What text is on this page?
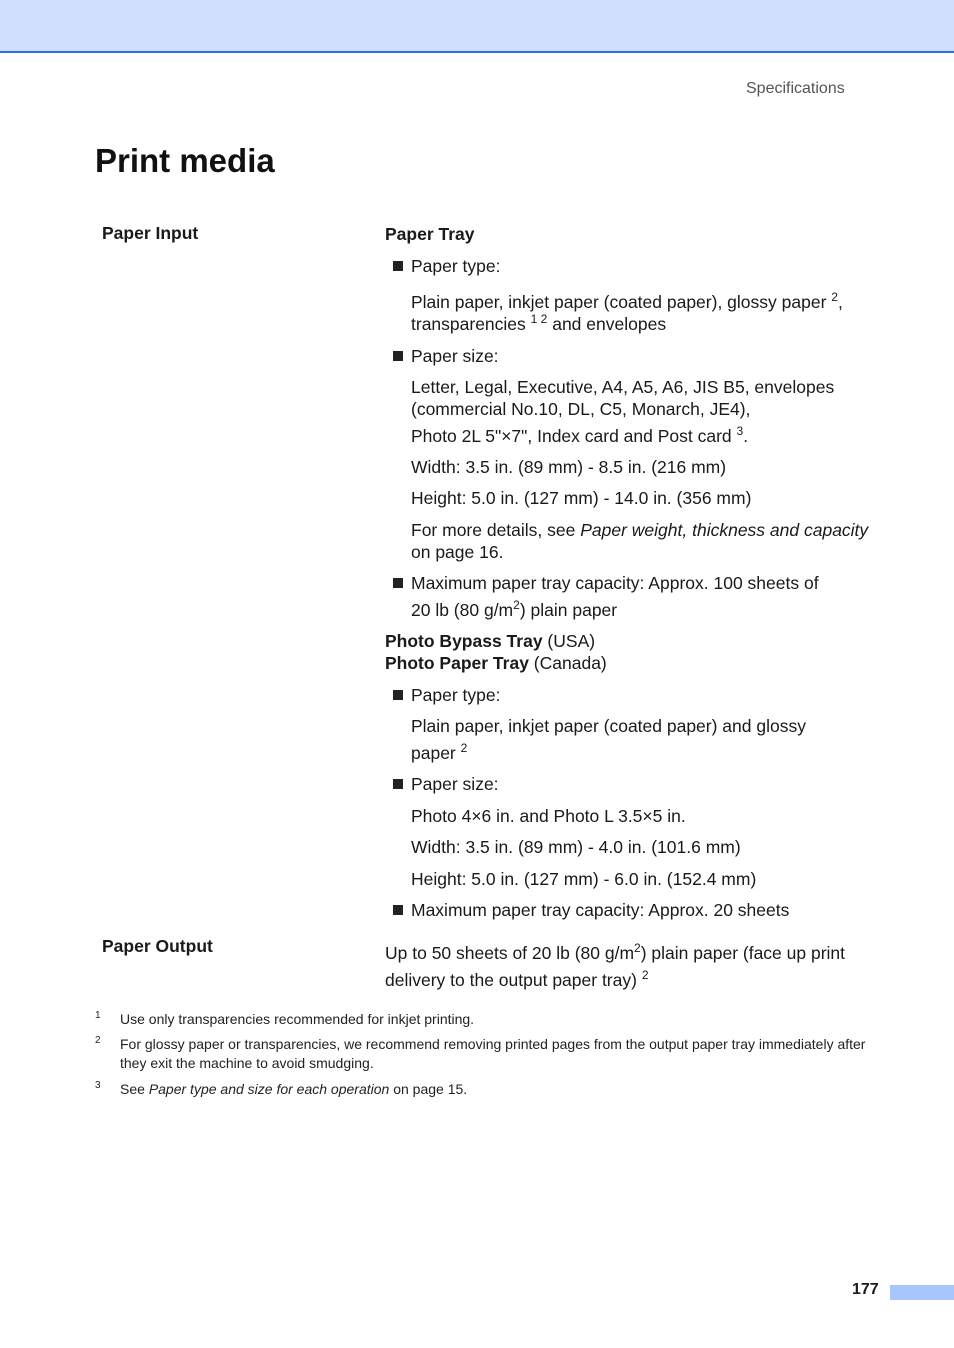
Specifications
Print media
Paper Input	Paper Tray
Paper type:
Plain paper, inkjet paper (coated paper), glossy paper $^2$,
transparencies $^{1 2}$ and envelopes
Paper size:
Letter, Legal, Executive, A4, A5, A6, JIS B5, envelopes
(commercial No.10, DL, C5, Monarch, JE4),
Photo 2L 5"×7", Index card and Post card $^3$.
Width: 3.5 in. (89 mm) - 8.5 in. (216 mm)
Height: 5.0 in. (127 mm) - 14.0 in. (356 mm)
For more details, see Paper weight, thickness and capacity on page 16.
Maximum paper tray capacity: Approx. 100 sheets of
20 lb (80 $g/m^2$) plain paper
Photo Bypass Tray (USA)
Photo Paper Tray (Canada)
Paper type:
Plain paper, inkjet paper (coated paper) and glossy
paper $^2$
Paper size:
Photo 4×6 in. and Photo L 3.5×5 in.
Width: 3.5 in. (89 mm) - 4.0 in. (101.6 mm)
Height: 5.0 in. (127 mm) - 6.0 in. (152.4 mm)
Maximum paper tray capacity: Approx. 20 sheets
Paper Output	Up to 50 sheets of 20 lb (80 $g/m^2$) plain paper (face up print
delivery to the output paper tray) $^2$
1 Use only transparencies recommended for inkjet printing.
2 For glossy paper or transparencies, we recommend removing printed pages from the output paper tray immediately after they exit the machine to avoid smudging.
3 See Paper type and size for each operation on page 15.
177
